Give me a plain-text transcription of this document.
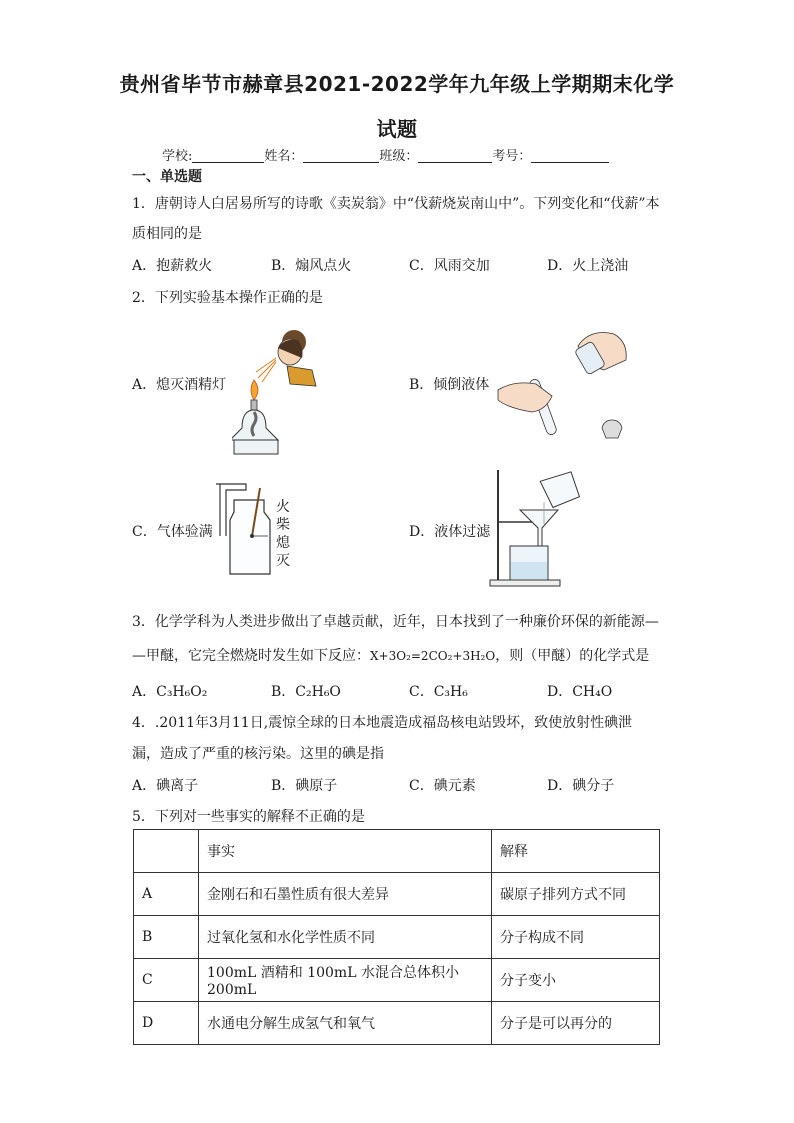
贵州省毕节市赫章县2021-2022学年九年级上学期期末化学
试题
学校:	姓名：	班级：	考号：
一、单选题
1．唐朝诗人白居易所写的诗歌《卖炭翁》中“伐薪烧炭南山中”。下列变化和“伐薪”本
质相同的是
A．抱薪救火	B．煽风点火	C．风雨交加	D．火上浇油
2．下列实验基本操作正确的是
A．熄灭酒精灯	B．倾倒液体
C．气体验满	D．液体过滤
火
柴
熄
灭
3．化学学科为人类进步做出了卓越贡献，近年，日本找到了一种廉价环保的新能源—
—甲醚，它完全燃烧时发生如下反应：X+3O₂=2CO₂+3H₂O，则（甲醚）的化学式是
A．C₃H₆O₂	B．C₂H₆O	C．C₃H₆	D．CH₄O
4．.2011年3月11日,震惊全球的日本地震造成福岛核电站毁坏，致使放射性碘泄
漏，造成了严重的核污染。这里的碘是指
A．碘离子	B．碘原子	C．碘元素	D．碘分子
5．下列对一些事实的解释不正确的是
	事实	解释
A	金刚石和石墨性质有很大差异	碳原子排列方式不同
B	过氧化氢和水化学性质不同	分子构成不同
C	100mL 酒精和 100mL 水混合总体积小 200mL	分子变小
D	水通电分解生成氢气和氧气	分子是可以再分的
